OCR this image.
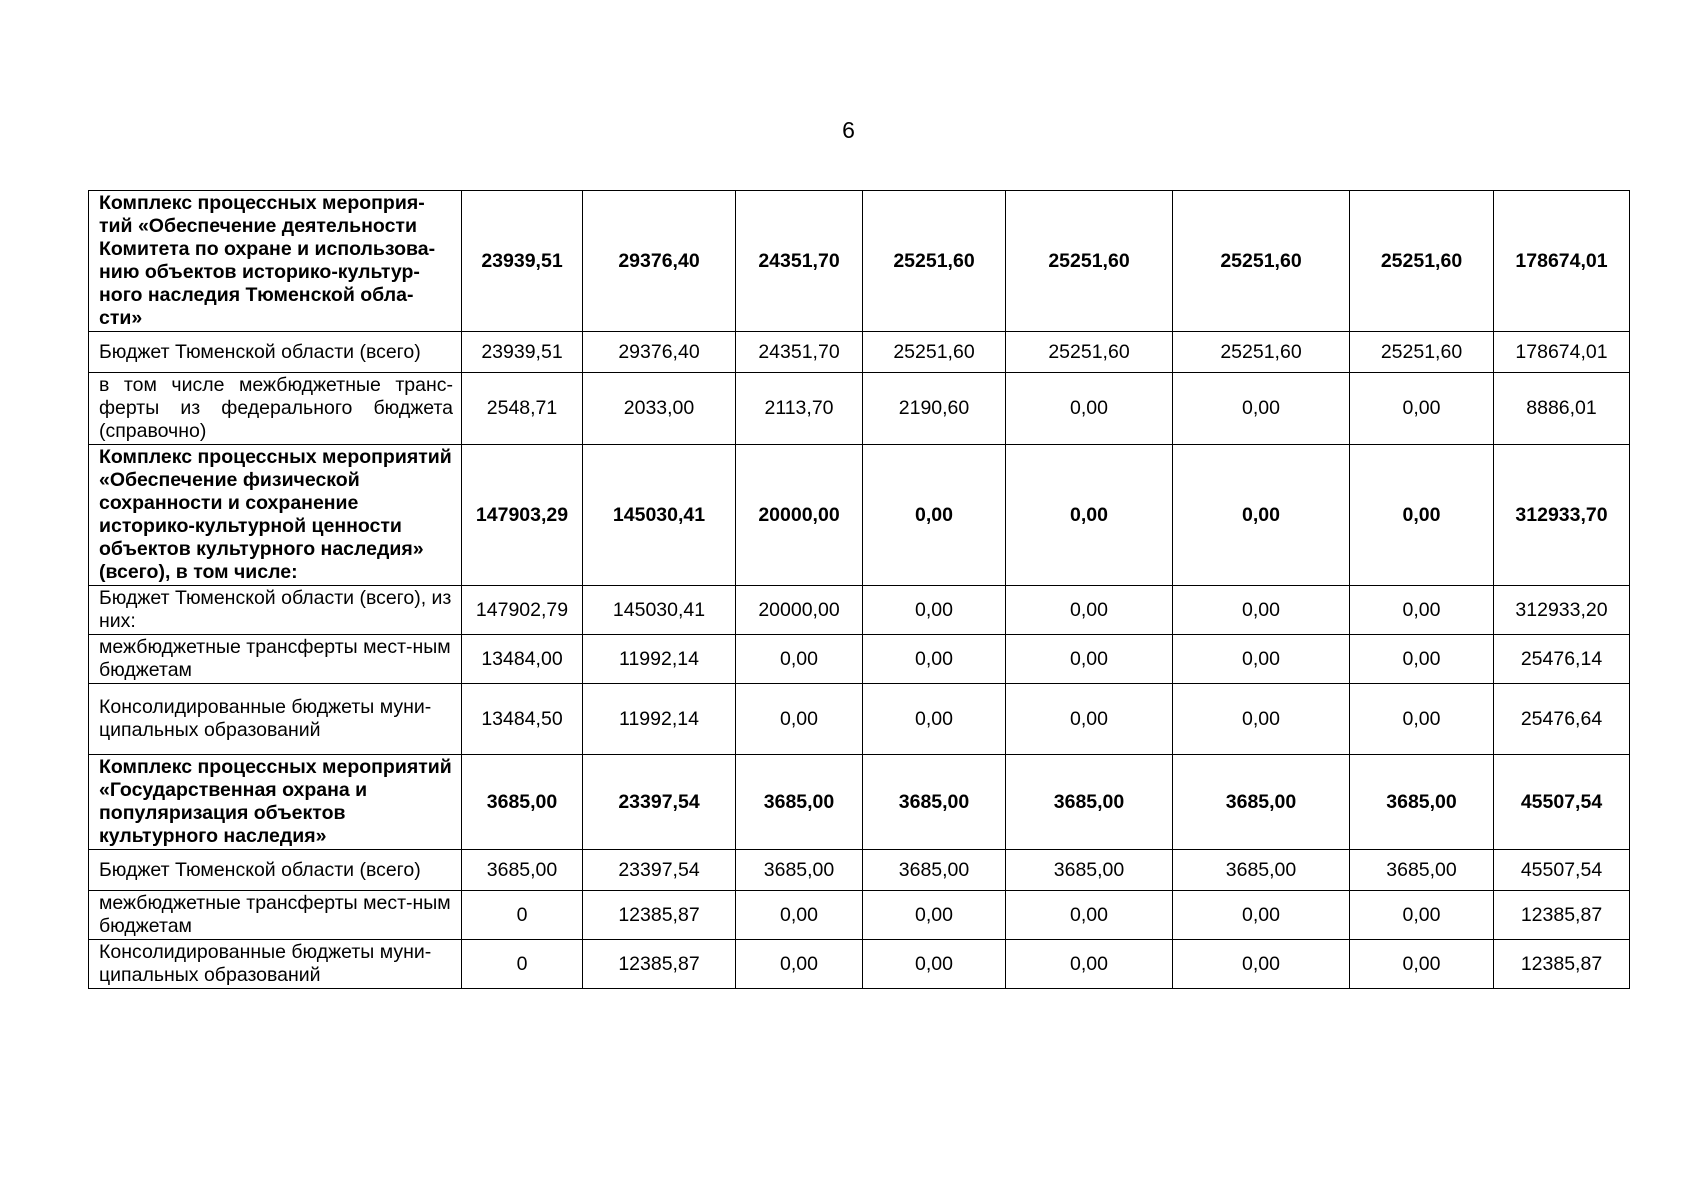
6
Комплекс процессных мероприя-тий «Обеспечение деятельности Комитета по охране и использова-нию объектов историко-культур-ного наследия Тюменской обла-сти»	23939,51	29376,40	24351,70	25251,60	25251,60	25251,60	25251,60	178674,01
Бюджет Тюменской области (всего)	23939,51	29376,40	24351,70	25251,60	25251,60	25251,60	25251,60	178674,01
в том числе межбюджетные транс-ферты из федерального бюджета (справочно)	2548,71	2033,00	2113,70	2190,60	0,00	0,00	0,00	8886,01
Комплекс процессных мероприятий «Обеспечение физической сохранности и сохранение историко-культурной ценности объектов культурного наследия» (всего), в том числе:	147903,29	145030,41	20000,00	0,00	0,00	0,00	0,00	312933,70
Бюджет Тюменской области (всего), из них:	147902,79	145030,41	20000,00	0,00	0,00	0,00	0,00	312933,20
межбюджетные трансферты мест-ным бюджетам	13484,00	11992,14	0,00	0,00	0,00	0,00	0,00	25476,14
Консолидированные бюджеты муни-ципальных образований	13484,50	11992,14	0,00	0,00	0,00	0,00	0,00	25476,64
Комплекс процессных мероприятий «Государственная охрана и популяризация объектов культурного наследия»	3685,00	23397,54	3685,00	3685,00	3685,00	3685,00	3685,00	45507,54
Бюджет Тюменской области (всего)	3685,00	23397,54	3685,00	3685,00	3685,00	3685,00	3685,00	45507,54
межбюджетные трансферты мест-ным бюджетам	0	12385,87	0,00	0,00	0,00	0,00	0,00	12385,87
Консолидированные бюджеты муни-ципальных образований	0	12385,87	0,00	0,00	0,00	0,00	0,00	12385,87
